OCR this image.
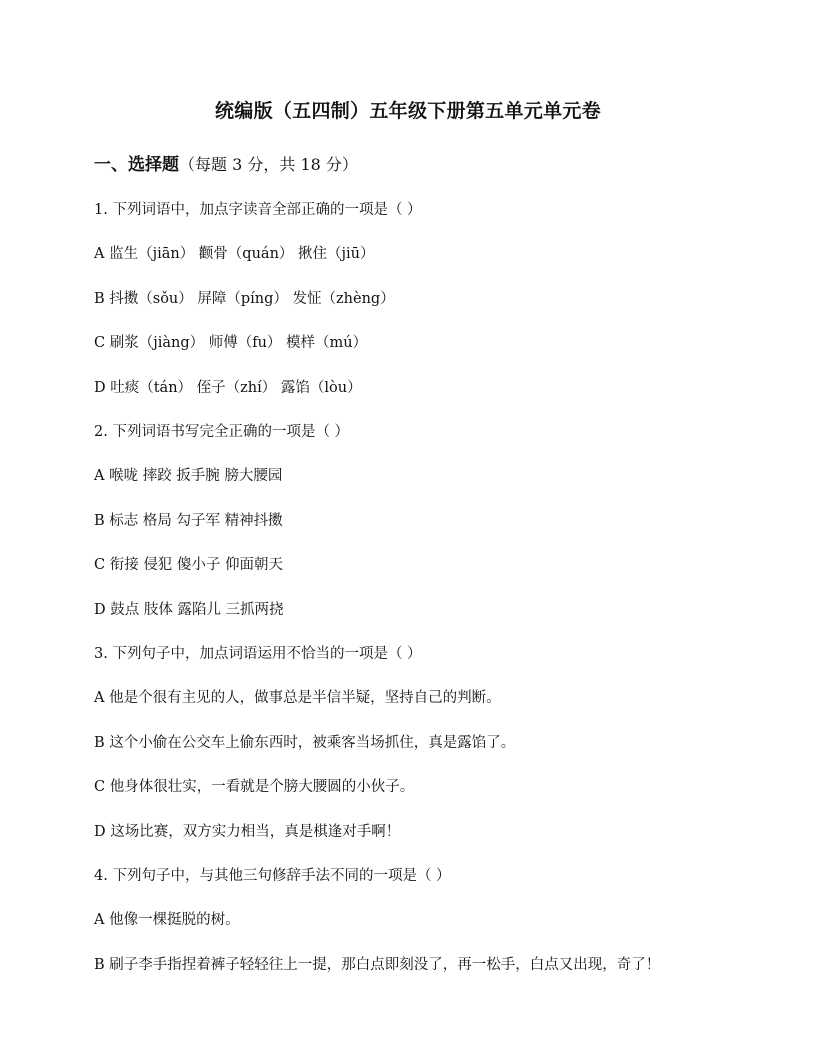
统编版（五四制）五年级下册第五单元单元卷
一、选择题（每题 3 分，共 18 分）
1. 下列词语中，加点字读音全部正确的一项是（ ）
A 监生（jiān） 颧骨（quán） 揪住（jiū）
B 抖擞（sǒu） 屏障（píng） 发怔（zhèng）
C 刷浆（jiàng） 师傅（fu） 模样（mú）
D 吐痰（tán） 侄子（zhí） 露馅（lòu）
2. 下列词语书写完全正确的一项是（ ）
A 喉咙 摔跤 扳手腕 膀大腰园
B 标志 格局 勾子军 精神抖擞
C 衔接 侵犯 傻小子 仰面朝天
D 鼓点 肢体 露陷儿 三抓两挠
3. 下列句子中，加点词语运用不恰当的一项是（ ）
A 他是个很有主见的人，做事总是半信半疑，坚持自己的判断。
B 这个小偷在公交车上偷东西时，被乘客当场抓住，真是露馅了。
C 他身体很壮实，一看就是个膀大腰圆的小伙子。
D 这场比赛，双方实力相当，真是棋逢对手啊！
4. 下列句子中，与其他三句修辞手法不同的一项是（ ）
A 他像一棵挺脱的树。
B 刷子李手指捏着裤子轻轻往上一提，那白点即刻没了，再一松手，白点又出现，奇了！
